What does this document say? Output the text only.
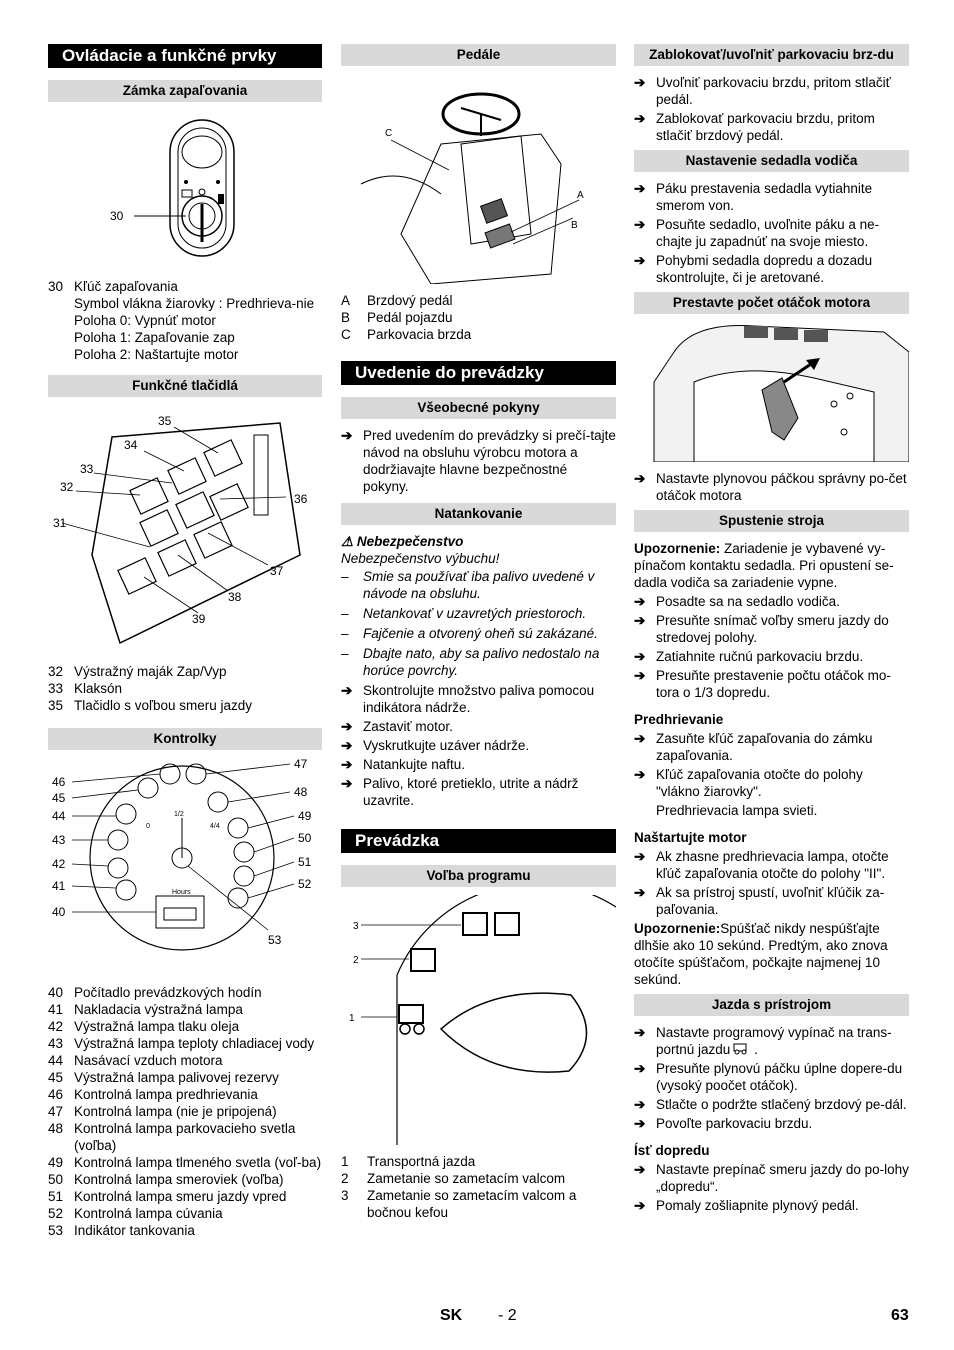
Ovládacie a funkčné prvky
Zámka zapaľovania
30
30 Kľúč zapaľovania
Symbol vlákna žiarovky : Predhrieva-nie
Poloha 0: Vypnúť motor
Poloha 1: Zapaľovanie zap
Poloha 2: Naštartujte motor
Funkčné tlačidlá
35
34
33
32
31
36
37
38
39
32 Výstražný maják Zap/Vyp
33 Klaksón
35 Tlačidlo s voľbou smeru jazdy
Kontrolky
0
1/2
4/4
Hours
46
45
44
43
42
41
40
47
48
49
50
51
52
53
40 Počítadlo prevádzkových hodín
41 Nakladacia výstražná lampa
42 Výstražná lampa tlaku oleja
43 Výstražná lampa teploty chladiacej vody
44 Nasávací vzduch motora
45 Výstražná lampa palivovej rezervy
46 Kontrolná lampa predhrievania
47 Kontrolná lampa (nie je pripojená)
48 Kontrolná lampa parkovacieho svetla (voľba)
49 Kontrolná lampa tlmeného svetla (voľ-ba)
50 Kontrolná lampa smeroviek (voľba)
51 Kontrolná lampa smeru jazdy vpred
52 Kontrolná lampa cúvania
53 Indikátor tankovania
Pedále
C
A
B
A	Brzdový pedál
B	Pedál pojazdu
C	Parkovacia brzda
Uvedenie do prevádzky
Všeobecné pokyny
➔ Pred uvedením do prevádzky si prečí-tajte návod na obsluhu výrobcu motora a dodržiavajte hlavne bezpečnostné pokyny.
Natankovanie
⚠ Nebezpečenstvo
Nebezpečenstvo výbuchu!
– Smie sa používať iba palivo uvedené v návode na obsluhu.
– Netankovať v uzavretých priestoroch.
– Fajčenie a otvorený oheň sú zakázané.
– Dbajte nato, aby sa palivo nedostalo na horúce povrchy.
➔ Skontrolujte množstvo paliva pomocou indikátora nádrže.
➔ Zastaviť motor.
➔ Vyskrutkujte uzáver nádrže.
➔ Natankujte naftu.
➔ Palivo, ktoré pretieklo, utrite a nádrž uzavrite.
Prevádzka
Voľba programu
3
2
1
1	Transportná jazda
2	Zametanie so zametacím valcom
3	Zametanie so zametacím valcom a bočnou kefou
Zablokovať/uvoľniť parkovaciu brz-du
➔ Uvoľniť parkovaciu brzdu, pritom stlačiť pedál.
➔ Zablokovať parkovaciu brzdu, pritom stlačiť brzdový pedál.
Nastavenie sedadla vodiča
➔ Páku prestavenia sedadla vytiahnite smerom von.
➔ Posuňte sedadlo, uvoľnite páku a ne-chajte ju zapadnúť na svoje miesto.
➔ Pohybmi sedadla dopredu a dozadu skontrolujte, či je aretované.
Prestavte počet otáčok motora
➔ Nastavte plynovou páčkou správny po-čet otáčok motora
Spustenie stroja
Upozornenie: Zariadenie je vybavené vy-pínačom kontaktu sedadla. Pri opustení se-dadla vodiča sa zariadenie vypne.
➔ Posadte sa na sedadlo vodiča.
➔ Presuňte snímač voľby smeru jazdy do stredovej polohy.
➔ Zatiahnite ručnú parkovaciu brzdu.
➔ Presuňte prestavenie počtu otáčok mo-tora o 1/3 dopredu.
Predhrievanie
➔ Zasuňte kľúč zapaľovania do zámku zapaľovania.
➔ Kľúč zapaľovania otočte do polohy "vlákno žiarovky".
Predhrievacia lampa svieti.
Naštartujte motor
➔ Ak zhasne predhrievacia lampa, otočte kľúč zapaľovania otočte do polohy "II".
➔ Ak sa prístroj spustí, uvoľniť kľúčik za-paľovania.
Upozornenie:Spúšťač nikdy nespúšťajte dlhšie ako 10 sekúnd. Predtým, ako znova otočíte spúšťačom, počkajte najmenej 10 sekúnd.
Jazda s prístrojom
➔ Nastavte programový vypínač na trans-portnú jazdu .
➔ Presuňte plynovú páčku úplne dopere-du (vysoký poočet otáčok).
➔ Stlačte o podržte stlačený brzdový pe-dál.
➔ Povoľte parkovaciu brzdu.
Ísť dopredu
➔ Nastavte prepínač smeru jazdy do po-lohy „dopredu“.
➔ Pomaly zošliapnite plynový pedál.
SK - 2	63
